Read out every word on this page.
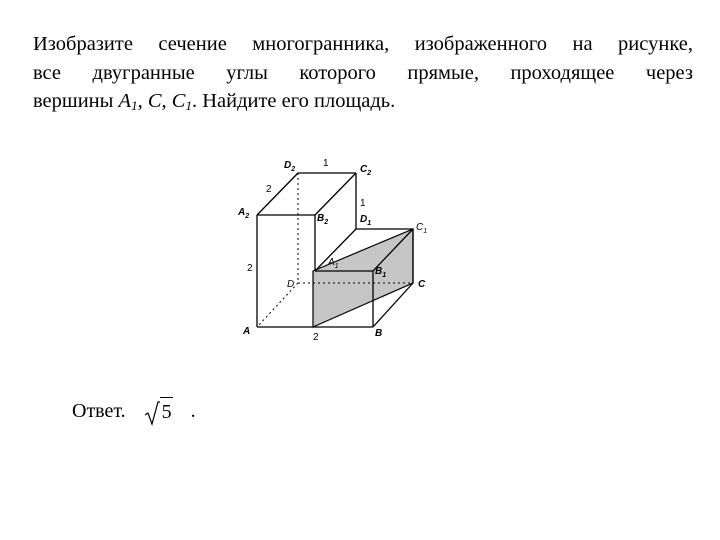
Изобразите сечение многогранника, изображенного на рисунке,
все двугранные углы которого прямые, проходящее через
вершины $A_1$, C, $C_1$. Найдите его площадь.
$D_2$	$C_2$
$A_2$	$B_2$	$D_1$	$C_1$
$A_1$	$B_1$
D	C
A	B
1
2
1
2
2
Ответ. 5 .
